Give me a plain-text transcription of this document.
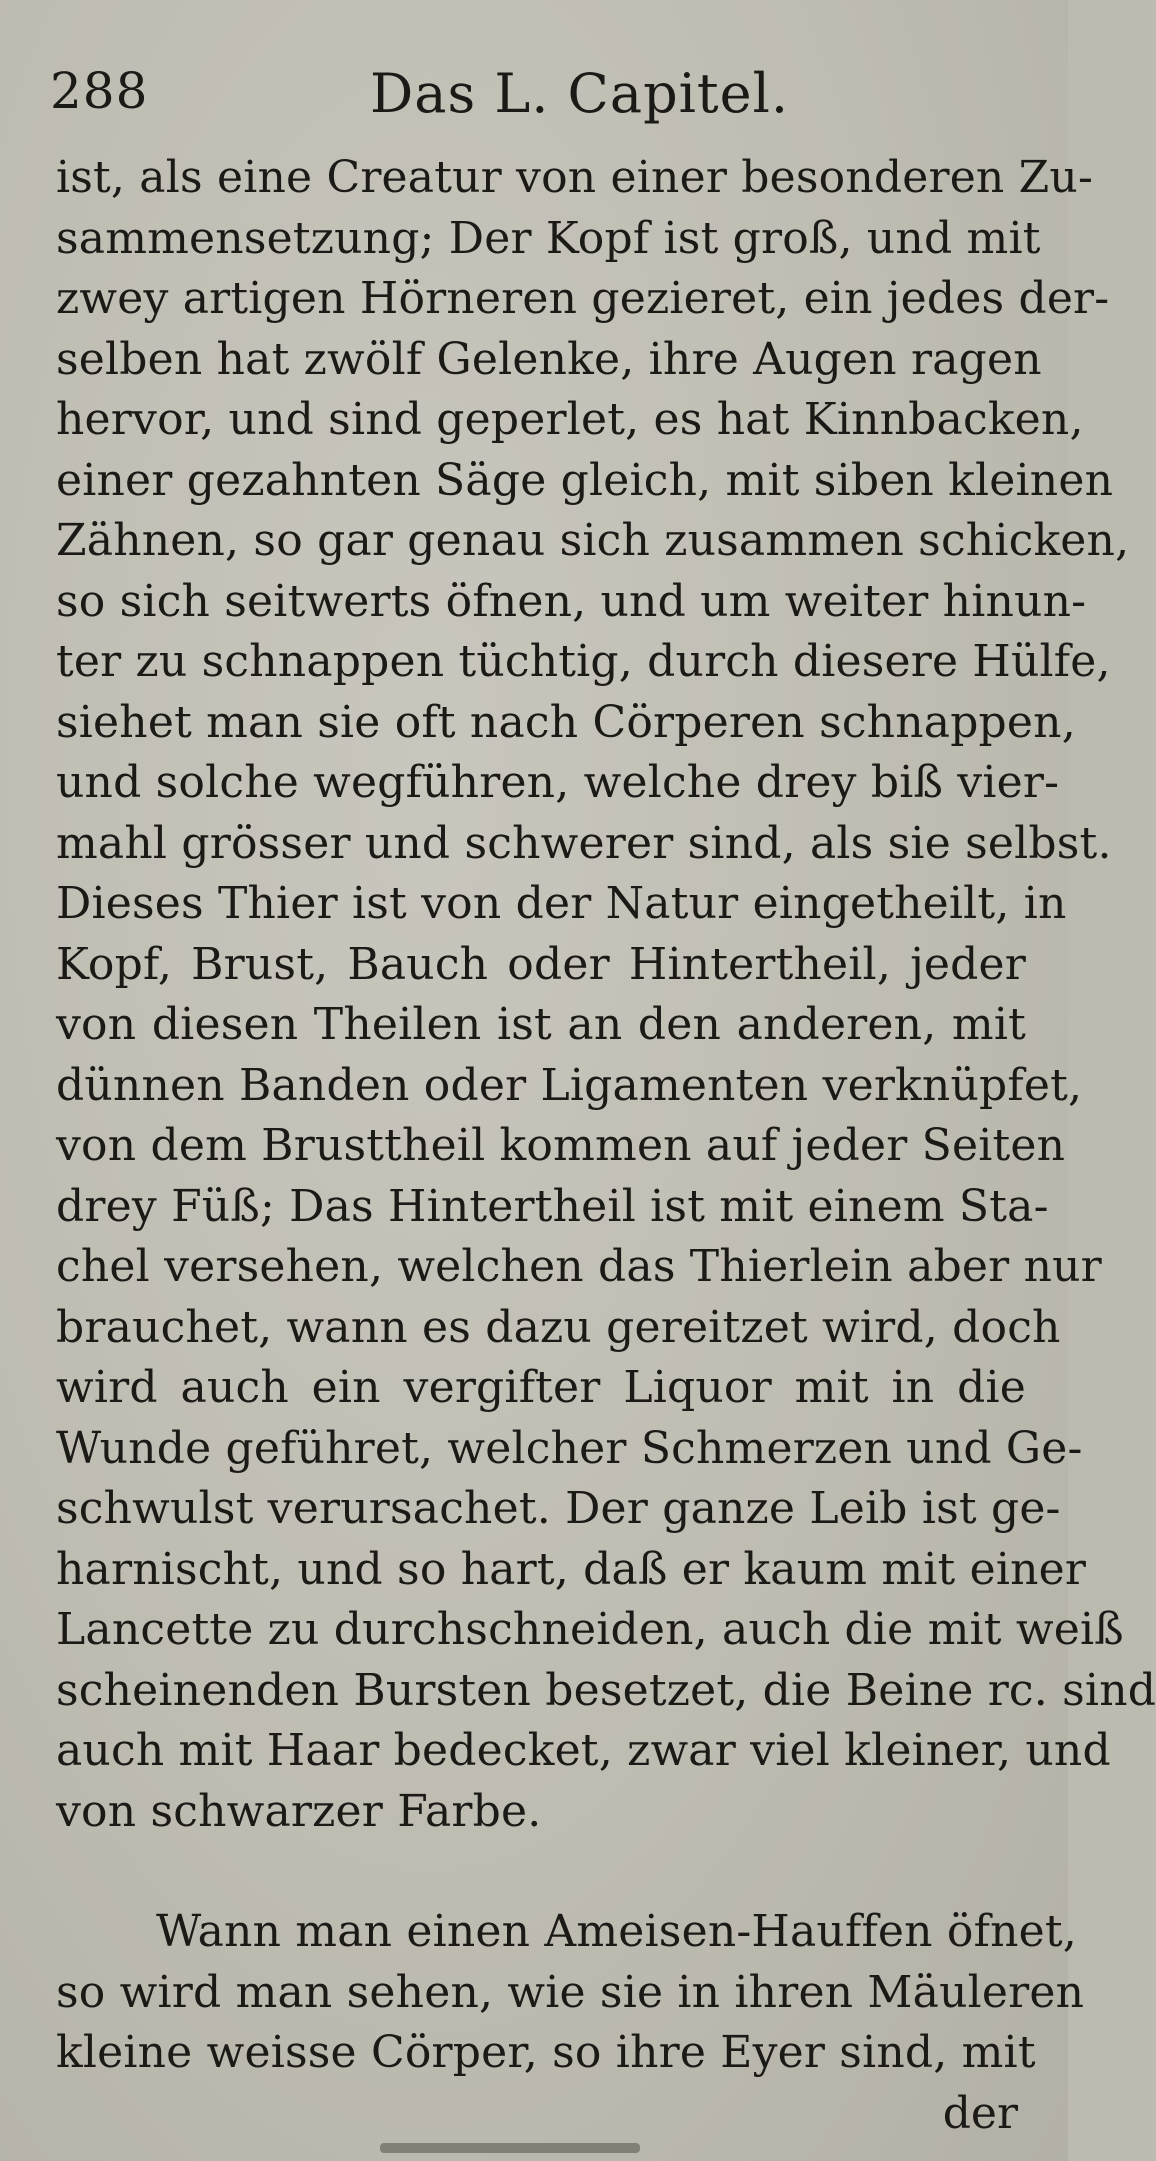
288	Das L. Capitel.
ist, als eine Creatur von einer besonderen Zu-
sammensetzung; Der Kopf ist groß, und mit
zwey artigen Hörneren gezieret, ein jedes der-
selben hat zwölf Gelenke, ihre Augen ragen
hervor, und sind geperlet, es hat Kinnbacken,
einer gezahnten Säge gleich, mit siben kleinen
Zähnen, so gar genau sich zusammen schicken,
so sich seitwerts öfnen, und um weiter hinun-
ter zu schnappen tüchtig, durch diesere Hülfe,
siehet man sie oft nach Cörperen schnappen,
und solche wegführen, welche drey biß vier-
mahl grösser und schwerer sind, als sie selbst.
Dieses Thier ist von der Natur eingetheilt, in
Kopf, Brust, Bauch oder Hintertheil, jeder
von diesen Theilen ist an den anderen, mit
dünnen Banden oder Ligamenten verknüpfet,
von dem Brusttheil kommen auf jeder Seiten
drey Füß; Das Hintertheil ist mit einem Sta-
chel versehen, welchen das Thierlein aber nur
brauchet, wann es dazu gereitzet wird, doch
wird auch ein vergifter Liquor mit in die
Wunde geführet, welcher Schmerzen und Ge-
schwulst verursachet. Der ganze Leib ist ge-
harnischt, und so hart, daß er kaum mit einer
Lancette zu durchschneiden, auch die mit weiß
scheinenden Bursten besetzet, die Beine rc. sind
auch mit Haar bedecket, zwar viel kleiner, und
von schwarzer Farbe.
Wann man einen Ameisen-Hauffen öfnet,
so wird man sehen, wie sie in ihren Mäuleren
kleine weisse Cörper, so ihre Eyer sind, mit
der
